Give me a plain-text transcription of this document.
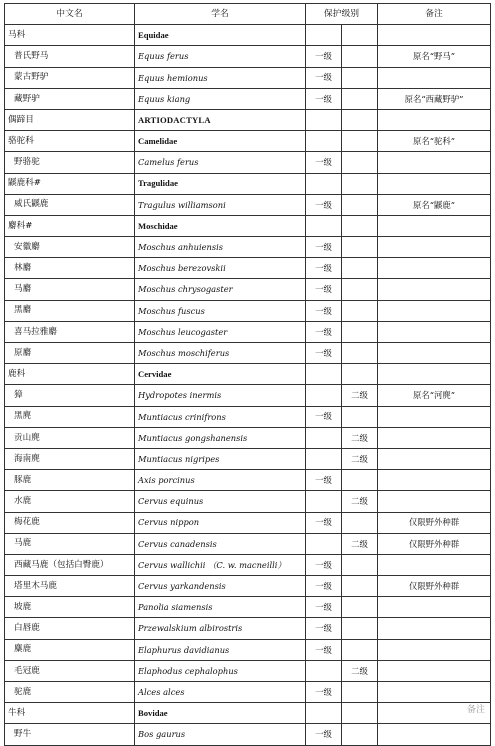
中文名	学名	保护级别		备注
马科	Equidae			
普氏野马	Equus ferus	一级		原名“野马”
蒙古野驴	Equus hemionus	一级		
藏野驴	Equus kiang	一级		原名“西藏野驴”
偶蹄目	ARTIODACTYLA			
骆驼科	Camelidae			原名“驼科”
野骆驼	Camelus ferus	一级		
鼷鹿科#	Tragulidae			
威氏鼷鹿	Tragulus williamsoni	一级		原名“鼷鹿”
麝科#	Moschidae			
安徽麝	Moschus anhuiensis	一级		
林麝	Moschus berezovskii	一级		
马麝	Moschus chrysogaster	一级		
黑麝	Moschus fuscus	一级		
喜马拉雅麝	Moschus leucogaster	一级		
原麝	Moschus moschiferus	一级		
鹿科	Cervidae			
獐	Hydropotes inermis		二级	原名“河麂”
黑麂	Muntiacus crinifrons	一级		
贡山麂	Muntiacus gongshanensis		二级	
海南麂	Muntiacus nigripes		二级	
豚鹿	Axis porcinus	一级		
水鹿	Cervus equinus		二级	
梅花鹿	Cervus nippon	一级		仅限野外种群
马鹿	Cervus canadensis		二级	仅限野外种群
西藏马鹿（包括白臀鹿）	Cervus wallichii （C. w. macneilli）	一级		
塔里木马鹿	Cervus yarkandensis	一级		仅限野外种群
坡鹿	Panolia siamensis	一级		
白唇鹿	Przewalskium albirostris	一级		
麋鹿	Elaphurus davidianus	一级		
毛冠鹿	Elaphodus cephalophus		二级	
驼鹿	Alces alces	一级		
牛科	Bovidae			
野牛	Bos gaurus	一级		
备注
